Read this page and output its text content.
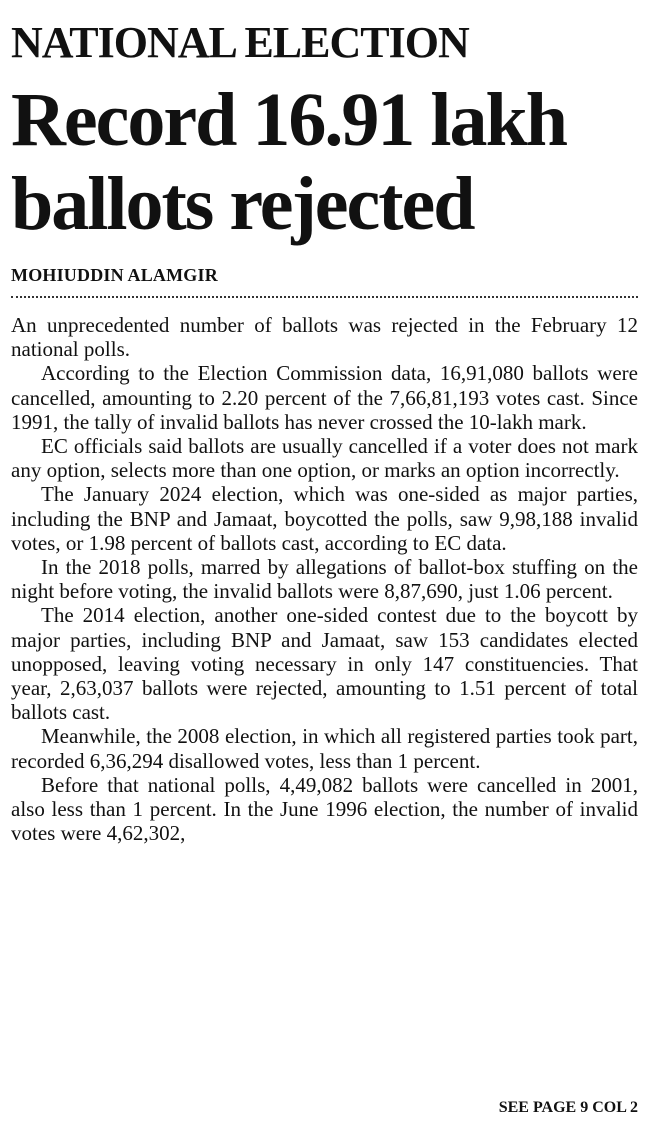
NATIONAL ELECTION
Record 16.91 lakh
ballots rejected

MOHIUDDIN ALAMGIR

An unprecedented number of ballots was rejected in the February 12 national polls.

According to the Election Commission data, 16,91,080 ballots were cancelled, amounting to 2.20 percent of the 7,66,81,193 votes cast. Since 1991, the tally of invalid ballots has never crossed the 10-lakh mark.

EC officials said ballots are usually cancelled if a voter does not mark any option, selects more than one option, or marks an option incorrectly.

The January 2024 election, which was one-sided as major parties, including the BNP and Jamaat, boycotted the polls, saw 9,98,188 invalid votes, or 1.98 percent of ballots cast, according to EC data.

In the 2018 polls, marred by allegations of ballot-box stuffing on the night before voting, the invalid ballots were 8,87,690, just 1.06 percent.

The 2014 election, another one-sided contest due to the boycott by major parties, including BNP and Jamaat, saw 153 candidates elected unopposed, leaving voting necessary in only 147 constituencies. That year, 2,63,037 ballots were rejected, amounting to 1.51 percent of total ballots cast.

Meanwhile, the 2008 election, in which all registered parties took part, recorded 6,36,294 disallowed votes, less than 1 percent.

Before that national polls, 4,49,082 ballots were cancelled in 2001, also less than 1 percent. In the June 1996 election, the number of invalid votes were 4,62,302,

SEE PAGE 9 COL 2
